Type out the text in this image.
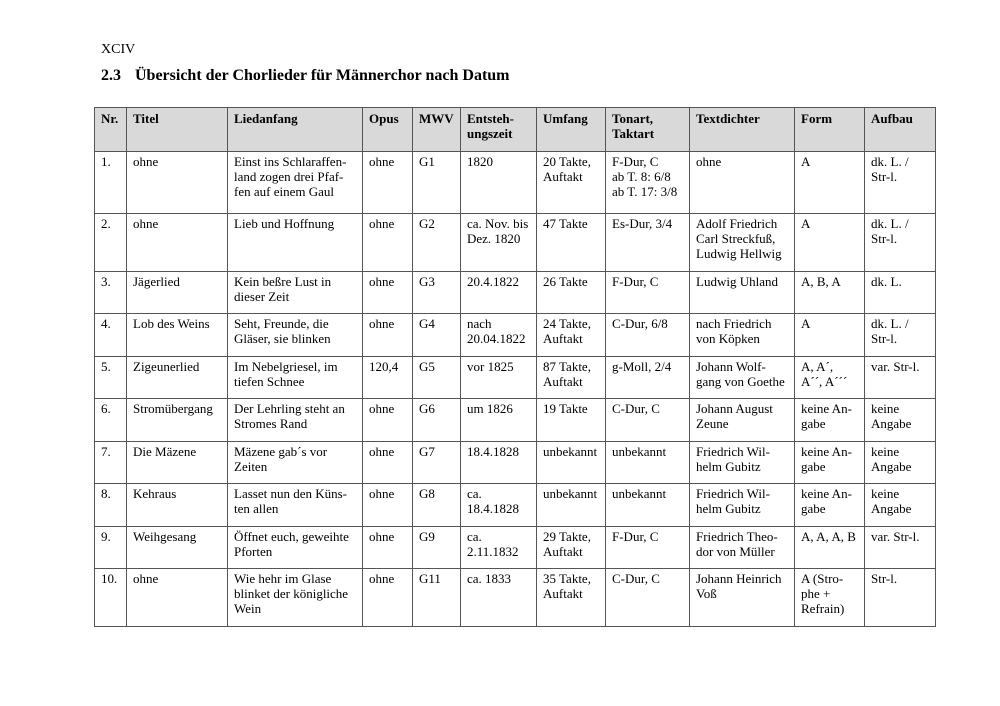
XCIV
2.3 Übersicht der Chorlieder für Männerchor nach Datum
Nr.	Titel	Liedanfang	Opus	MWV	Entsteh-
ungszeit	Umfang	Tonart,
Taktart	Textdichter	Form	Aufbau
1.	ohne	Einst ins Schlaraffen-
land zogen drei Pfaf-
fen auf einem Gaul	ohne	G1	1820	20 Takte,
Auftakt	F-Dur, C
ab T. 8: 6/8
ab T. 17: 3/8	ohne	A	dk. L. /
Str-l.
2.	ohne	Lieb und Hoffnung	ohne	G2	ca. Nov. bis
Dez. 1820	47 Takte	Es-Dur, 3/4	Adolf Friedrich
Carl Streckfuß,
Ludwig Hellwig	A	dk. L. /
Str-l.
3.	Jägerlied	Kein beßre Lust in
dieser Zeit	ohne	G3	20.4.1822	26 Takte	F-Dur, C	Ludwig Uhland	A, B, A	dk. L.
4.	Lob des Weins	Seht, Freunde, die
Gläser, sie blinken	ohne	G4	nach
20.04.1822	24 Takte,
Auftakt	C-Dur, 6/8	nach Friedrich
von Köpken	A	dk. L. /
Str-l.
5.	Zigeunerlied	Im Nebelgriesel, im
tiefen Schnee	120,4	G5	vor 1825	87 Takte,
Auftakt	g-Moll, 2/4	Johann Wolf-
gang von Goethe	A, A´,
A´´, A´´´	var. Str-l.
6.	Stromübergang	Der Lehrling steht an
Stromes Rand	ohne	G6	um 1826	19 Takte	C-Dur, C	Johann August
Zeune	keine An-
gabe	keine
Angabe
7.	Die Mäzene	Mäzene gab´s vor
Zeiten	ohne	G7	18.4.1828	unbekannt	unbekannt	Friedrich Wil-
helm Gubitz	keine An-
gabe	keine
Angabe
8.	Kehraus	Lasset nun den Küns-
ten allen	ohne	G8	ca.
18.4.1828	unbekannt	unbekannt	Friedrich Wil-
helm Gubitz	keine An-
gabe	keine
Angabe
9.	Weihgesang	Öffnet euch, geweihte
Pforten	ohne	G9	ca.
2.11.1832	29 Takte,
Auftakt	F-Dur, C	Friedrich Theo-
dor von Müller	A, A, A, B	var. Str-l.
10.	ohne	Wie hehr im Glase
blinket der königliche
Wein	ohne	G11	ca. 1833	35 Takte,
Auftakt	C-Dur, C	Johann Heinrich
Voß	A (Stro-
phe +
Refrain)	Str-l.
